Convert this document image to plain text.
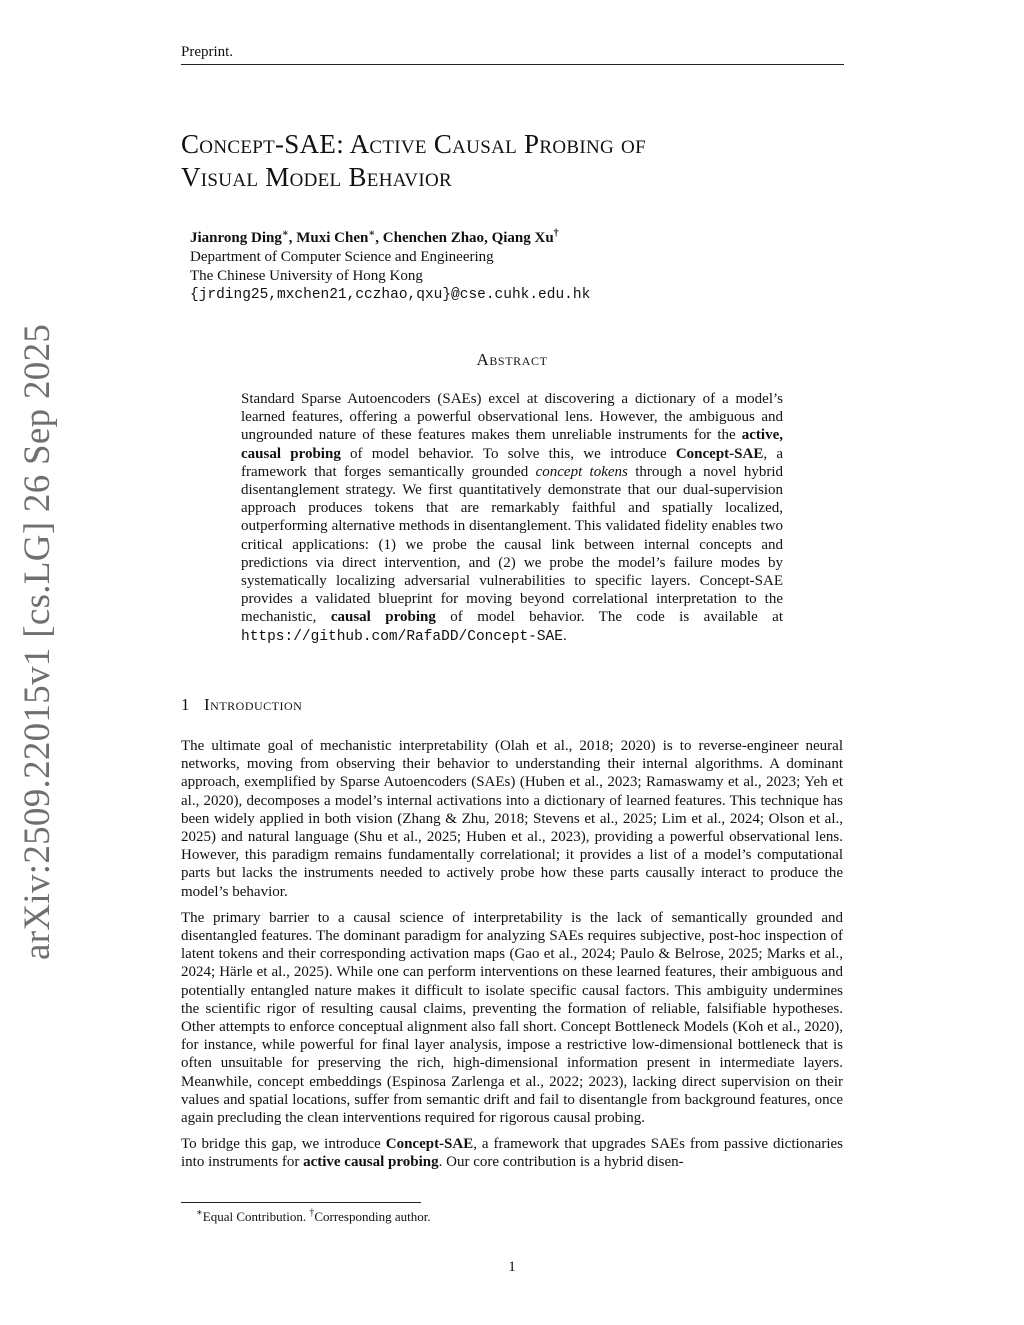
Preprint.
arXiv:2509.22015v1 [cs.LG] 26 Sep 2025
Concept-SAE: Active Causal Probing of
Visual Model Behavior
Jianrong Ding∗, Muxi Chen∗, Chenchen Zhao, Qiang Xu†
Department of Computer Science and Engineering
The Chinese University of Hong Kong
{jrding25,mxchen21,cczhao,qxu}@cse.cuhk.edu.hk
Abstract

Standard Sparse Autoencoders (SAEs) excel at discovering a dictionary of a model’s learned features, offering a powerful observational lens. However, the ambiguous and ungrounded nature of these features makes them unreliable instruments for the active, causal probing of model behavior. To solve this, we introduce Concept-SAE, a framework that forges semantically grounded concept tokens through a novel hybrid disentanglement strategy. We first quantitatively demonstrate that our dual-supervision approach produces tokens that are remarkably faithful and spatially localized, outperforming alternative methods in disentanglement. This validated fidelity enables two critical applications: (1) we probe the causal link between internal concepts and predictions via direct intervention, and (2) we probe the model’s failure modes by systematically localizing adversarial vulnerabilities to specific layers. Concept-SAE provides a validated blueprint for moving beyond correlational interpretation to the mechanistic, causal probing of model behavior. The code is available at https://github.com/RafaDD/Concept-SAE.

1 Introduction

The ultimate goal of mechanistic interpretability (Olah et al., 2018; 2020) is to reverse-engineer neural networks, moving from observing their behavior to understanding their internal algorithms. A dominant approach, exemplified by Sparse Autoencoders (SAEs) (Huben et al., 2023; Ramaswamy et al., 2023; Yeh et al., 2020), decomposes a model’s internal activations into a dictionary of learned features. This technique has been widely applied in both vision (Zhang & Zhu, 2018; Stevens et al., 2025; Lim et al., 2024; Olson et al., 2025) and natural language (Shu et al., 2025; Huben et al., 2023), providing a powerful observational lens. However, this paradigm remains fundamentally correlational; it provides a list of a model’s computational parts but lacks the instruments needed to actively probe how these parts causally interact to produce the model’s behavior.

The primary barrier to a causal science of interpretability is the lack of semantically grounded and disentangled features. The dominant paradigm for analyzing SAEs requires subjective, post-hoc inspection of latent tokens and their corresponding activation maps (Gao et al., 2024; Paulo & Belrose, 2025; Marks et al., 2024; Härle et al., 2025). While one can perform interventions on these learned features, their ambiguous and potentially entangled nature makes it difficult to isolate specific causal factors. This ambiguity undermines the scientific rigor of resulting causal claims, preventing the formation of reliable, falsifiable hypotheses. Other attempts to enforce conceptual alignment also fall short. Concept Bottleneck Models (Koh et al., 2020), for instance, while powerful for final layer analysis, impose a restrictive low-dimensional bottleneck that is often unsuitable for preserving the rich, high-dimensional information present in intermediate layers. Meanwhile, concept embeddings (Espinosa Zarlenga et al., 2022; 2023), lacking direct supervision on their values and spatial locations, suffer from semantic drift and fail to disentangle from background features, once again precluding the clean interventions required for rigorous causal probing.

To bridge this gap, we introduce Concept-SAE, a framework that upgrades SAEs from passive dictionaries into instruments for active causal probing. Our core contribution is a hybrid disen-

∗Equal Contribution. †Corresponding author.
1
